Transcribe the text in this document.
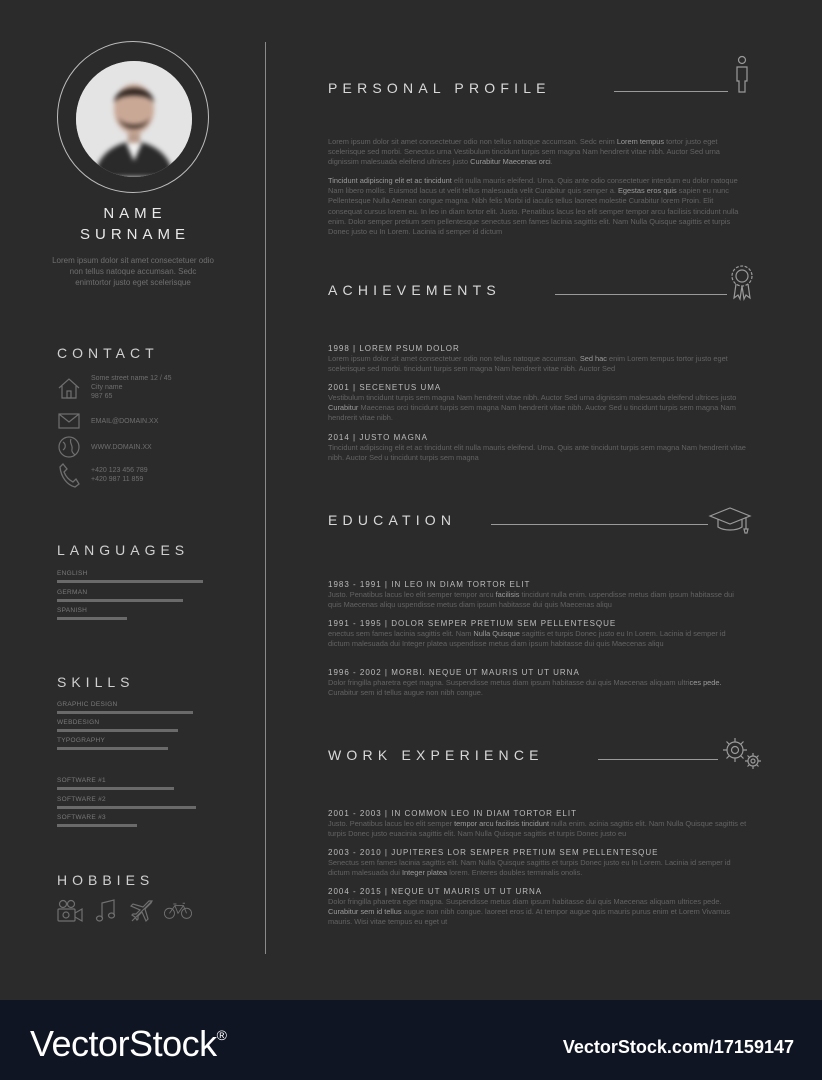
NAME
SURNAME
Lorem ipsum dolor sit amet consectetuer odio non tellus natoque accumsan. Sedc enimtortor justo eget scelerisque
CONTACT
Some street name 12 / 45
City name
987 65
EMAIL@DOMAIN.XX
WWW.DOMAIN.XX
+420 123 456 789
+420 987 11 859
LANGUAGES
ENGLISH
GERMAN
SPANISH
SKILLS
GRAPHIC DESIGN
WEBDESIGN
TYPOGRAPHY
SOFTWARE #1
SOFTWARE #2
SOFTWARE #3
HOBBIES
PERSONAL PROFILE
Lorem ipsum dolor sit amet consectetuer odio non tellus natoque accumsan. Sedc enim Lorem tempus tortor justo eget scelerisque sed morbi. Senectus urna Vestibulum tincidunt turpis sem magna Nam hendrerit vitae nibh. Auctor Sed urna dignissim malesuada eleifend ultrices justo Curabitur Maecenas orci.
Tincidunt adipiscing elit et ac tincidunt elit nulla mauris eleifend. Urna. Quis ante odio consectetuer interdum eu dolor natoque Nam libero mollis. Euismod lacus ut velit tellus malesuada velit Curabitur quis semper a. Egestas eros quis sapien eu nunc Pellentesque Nulla Aenean congue magna. Nibh felis Morbi id iaculis tellus laoreet molestie Curabitur lorem Proin. Elit consequat cursus lorem eu. In leo in diam tortor elit. Justo. Penatibus lacus leo elit semper tempor arcu facilisis tincidunt nulla enim. Dolor semper pretium sem pellentesque senectus sem fames lacinia sagittis elit. Nam Nulla Quisque sagittis et turpis Donec justo eu In Lorem. Lacinia id semper id dictum
ACHIEVEMENTS
1998 | LOREM PSUM DOLOR
Lorem ipsum dolor sit amet consectetuer odio non tellus natoque accumsan. Sed hac enim Lorem tempus tortor justo eget scelerisque sed morbi. tincidunt turpis sem magna Nam hendrerit vitae nibh. Auctor Sed
2001 | SECENETUS UMA
Vestibulum tincidunt turpis sem magna Nam hendrerit vitae nibh. Auctor Sed urna dignissim malesuada eleifend ultrices justo Curabitur Maecenas orci tincidunt turpis sem magna Nam hendrerit vitae nibh. Auctor Sed u tincidunt turpis sem magna Nam hendrerit vitae nibh.
2014 | JUSTO MAGNA
Tincidunt adipiscing elit et ac tincidunt elit nulla mauris eleifend. Urna. Quis ante tincidunt turpis sem magna Nam hendrerit vitae nibh. Auctor Sed u tincidunt turpis sem magna
EDUCATION
1983 - 1991 | IN LEO IN DIAM TORTOR ELIT
Justo. Penatibus lacus leo elit semper tempor arcu facilisis tincidunt nulla enim. uspendisse metus diam ipsum habitasse dui quis Maecenas aliqu uspendisse metus diam ipsum habitasse dui quis Maecenas aliqu
1991 - 1995 | DOLOR SEMPER PRETIUM SEM PELLENTESQUE
enectus sem fames lacinia sagittis elit. Nam Nulla Quisque sagittis et turpis Donec justo eu In Lorem. Lacinia id semper id dictum malesuada dui Integer platea uspendisse metus diam ipsum habitasse dui quis Maecenas aliqu
1996 - 2002 | MORBI. NEQUE UT MAURIS UT UT URNA
Dolor fringilla pharetra eget magna. Suspendisse metus diam ipsum habitasse dui quis Maecenas aliquam ultrices pede. Curabitur sem id tellus augue non nibh congue.
WORK EXPERIENCE
2001 - 2003 | IN COMMON LEO IN DIAM TORTOR ELIT
Justo. Penatibus lacus leo elit semper tempor arcu facilisis tincidunt nulla enim. acinia sagittis elit. Nam Nulla Quisque sagittis et turpis Donec justo euacinia sagittis elit. Nam Nulla Quisque sagittis et turpis Donec justo eu
2003 - 2010 | JUPITERES LOR SEMPER PRETIUM SEM PELLENTESQUE
Senectus sem fames lacinia sagittis elit. Nam Nulla Quisque sagittis et turpis Donec justo eu In Lorem. Lacinia id semper id dictum malesuada dui Integer platea lorem. Enteres doubles terminalis onolis.
2004 - 2015 | NEQUE UT MAURIS UT UT URNA
Dolor fringilla pharetra eget magna. Suspendisse metus diam ipsum habitasse dui quis Maecenas aliquam ultrices pede. Curabitur sem id tellus augue non nibh congue. laoreet eros id. At tempor augue quis mauris purus enim et Lorem Vivamus mauris. Wisi vitae tempus eu eget ut
VectorStock®
VectorStock.com/17159147
